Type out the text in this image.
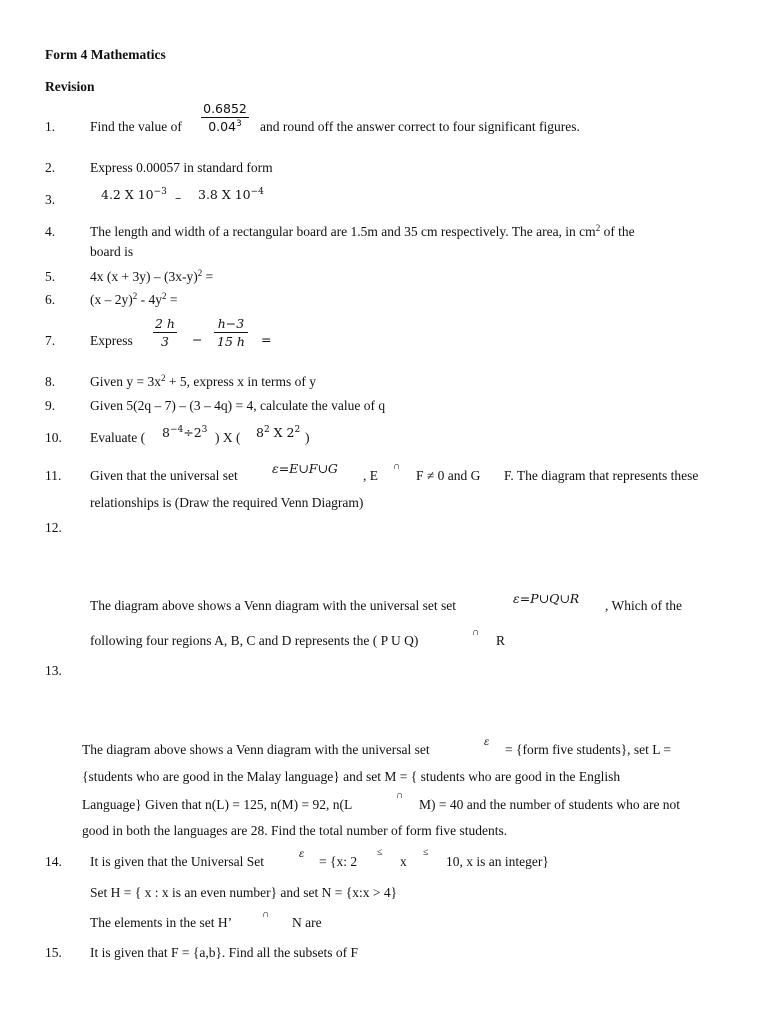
Form 4 Mathematics
Revision
1.	Find the value of $\frac{0.6852}{0.04^3}$ and round off the answer correct to four significant figures.
2.	Express 0.00057 in standard form
3.	4.2 X $10^{-3} - 3.8$ X $10^{-4}$
4.	The length and width of a rectangular board are 1.5m and 35 cm respectively. The area, in $cm^2$ of the
board is
5.	4x $(x + 3y) - (3x-y)^2$ =
6.	$(x - 2y)^2 - 4y^2$ =
7.	Express $\frac{2 h}{3} - \frac{h-3}{15 h}$ =
8.	Given $y = 3x^2 + 5$, express x in terms of y
9.	Given 5(2q – 7) – (3 – 4q) = 4, calculate the value of q
10. Evaluate ( $8^{-4}\div 2^3$ ) X ( $8^2$ X $2^2$ )
11. Given that the universal set	ε=E∪F∪G , E
∩
F ≠ 0 and G F. The diagram that represents these
relationships is (Draw the required Venn Diagram)
12.
The diagram above shows a Venn diagram with the universal set set	ε=P∪Q∪R , Which of the
following four regions A, B, C and D represents the ( P U Q)
∩
R
13.
The diagram above shows a Venn diagram with the universal set	ε = {form five students}, set L =
{students who are good in the Malay language} and set M = { students who are good in the English
Language} Given that n(L) = 125, n(M) = 92, n(L
∩
M) = 40 and the number of students who are not
good in both the languages are 28. Find the total number of form five students.
14. It is given that the Universal Set	ε = {x: 2
≤
x
≤
10, x is an integer}
Set H = { x : x is an even number} and set N = {x:x > 4}
The elements in the set H’
∩
N are
15. It is given that F = {a,b}. Find all the subsets of F
